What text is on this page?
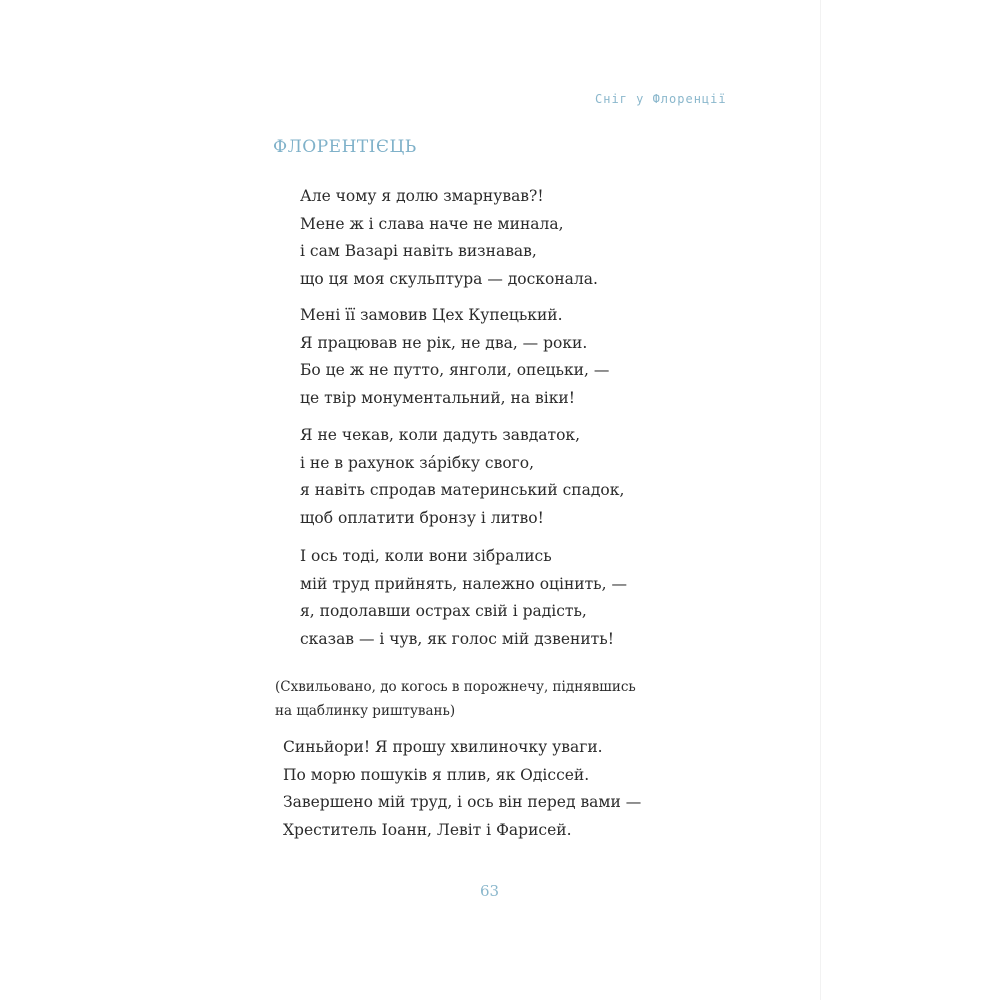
Сніг у Флоренції
ФЛОРЕНТІЄЦЬ
Але чому я долю змарнував?!
Мене ж і слава наче не минала,
і сам Вазарі навіть визнавав,
що ця моя скульптура — досконала.
Мені її замовив Цех Купецький.
Я працював не рік, не два, — роки.
Бо це ж не путто, янголи, опецьки, —
це твір монументальний, на віки!
Я не чекав, коли дадуть завдаток,
і не в рахунок зáрібку свого,
я навіть спродав материнський спадок,
щоб оплатити бронзу і литво!
І ось тоді, коли вони зібрались
мій труд прийнять, належно оцінить, —
я, подолавши острах свій і радість,
сказав — і чув, як голос мій дзвенить!
(Схвильовано, до когось в порожнечу, піднявшись
на щаблинку риштувань)
Синьйори! Я прошу хвилиночку уваги.
По морю пошуків я плив, як Одіссей.
Завершено мій труд, і ось він перед вами —
Хреститель Іоанн, Левіт і Фарисей.
63
